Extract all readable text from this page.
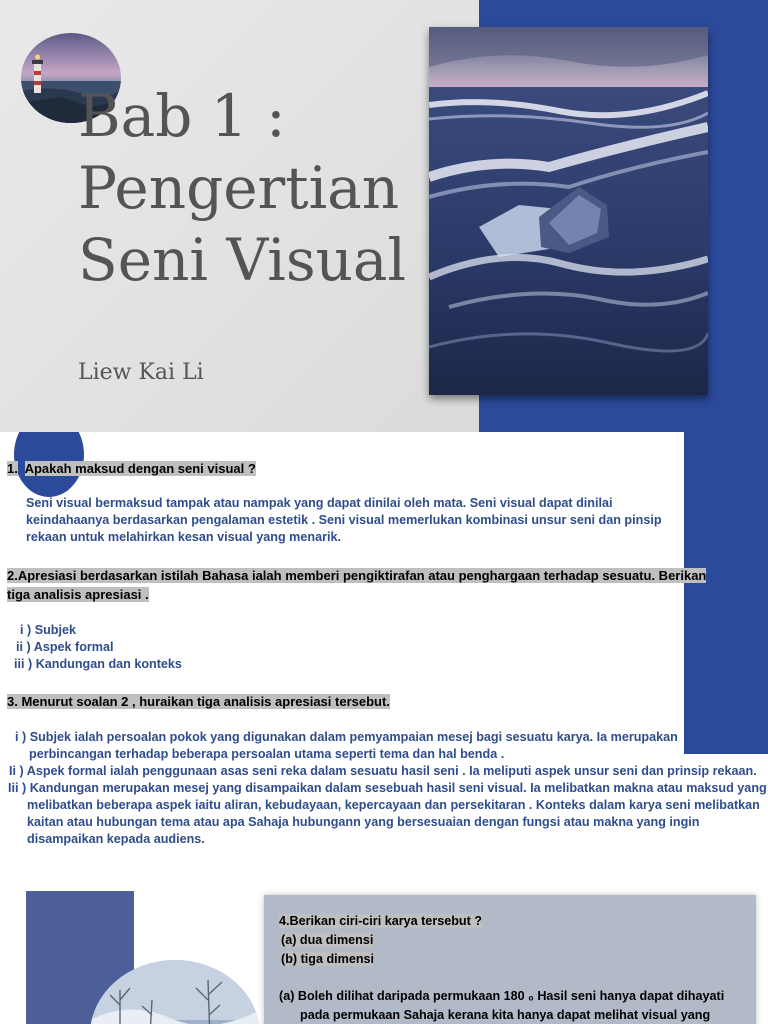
Bab 1 :
Pengertian
Seni Visual

Liew Kai Li

1. Apakah maksud dengan seni visual ?

Seni visual bermaksud tampak atau nampak yang dapat dinilai oleh mata. Seni visual dapat dinilai
keindahaanya berdasarkan pengalaman estetik . Seni visual memerlukan kombinasi unsur seni dan pinsip
rekaan untuk melahirkan kesan visual yang menarik.
2.Apresiasi berdasarkan istilah Bahasa ialah memberi pengiktirafan atau penghargaan terhadap sesuatu. Berikan
tiga analisis apresiasi .
i ) Subjek
ii ) Aspek formal
iii ) Kandungan dan konteks

3. Menurut soalan 2 , huraikan tiga analisis apresiasi tersebut.

i ) Subjek ialah persoalan pokok yang digunakan dalam pemyampaian mesej bagi sesuatu karya. Ia merupakan
perbincangan terhadap beberapa persoalan utama seperti tema dan hal benda .
Ii ) Aspek formal ialah penggunaan asas seni reka dalam sesuatu hasil seni . Ia meliputi aspek unsur seni dan prinsip rekaan.
Iii ) Kandungan merupakan mesej yang disampaikan dalam sesebuah hasil seni visual. Ia melibatkan makna atau maksud yang
melibatkan beberapa aspek iaitu aliran, kebudayaan, kepercayaan dan persekitaran . Konteks dalam karya seni melibatkan
kaitan atau hubungan tema atau apa Sahaja hubungann yang bersesuaian dengan fungsi atau makna yang ingin
disampaikan kepada audiens.
4.Berikan ciri-ciri karya tersebut ?
(a) dua dimensi
(b) tiga dimensi
(a) Boleh dilihat daripada permukaan 180 ₀ Hasil seni hanya dapat dihayati
pada permukaan Sahaja kerana kita hanya dapat melihat visual yang
